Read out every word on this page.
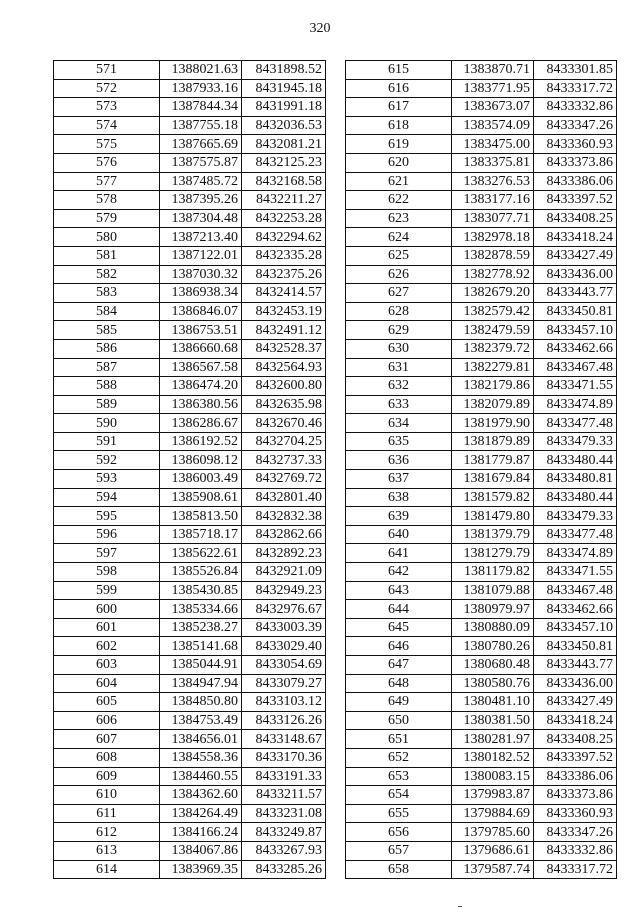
320
571	1388021.63	8431898.52
572	1387933.16	8431945.18
573	1387844.34	8431991.18
574	1387755.18	8432036.53
575	1387665.69	8432081.21
576	1387575.87	8432125.23
577	1387485.72	8432168.58
578	1387395.26	8432211.27
579	1387304.48	8432253.28
580	1387213.40	8432294.62
581	1387122.01	8432335.28
582	1387030.32	8432375.26
583	1386938.34	8432414.57
584	1386846.07	8432453.19
585	1386753.51	8432491.12
586	1386660.68	8432528.37
587	1386567.58	8432564.93
588	1386474.20	8432600.80
589	1386380.56	8432635.98
590	1386286.67	8432670.46
591	1386192.52	8432704.25
592	1386098.12	8432737.33
593	1386003.49	8432769.72
594	1385908.61	8432801.40
595	1385813.50	8432832.38
596	1385718.17	8432862.66
597	1385622.61	8432892.23
598	1385526.84	8432921.09
599	1385430.85	8432949.23
600	1385334.66	8432976.67
601	1385238.27	8433003.39
602	1385141.68	8433029.40
603	1385044.91	8433054.69
604	1384947.94	8433079.27
605	1384850.80	8433103.12
606	1384753.49	8433126.26
607	1384656.01	8433148.67
608	1384558.36	8433170.36
609	1384460.55	8433191.33
610	1384362.60	8433211.57
611	1384264.49	8433231.08
612	1384166.24	8433249.87
613	1384067.86	8433267.93
614	1383969.35	8433285.26
615	1383870.71	8433301.85
616	1383771.95	8433317.72
617	1383673.07	8433332.86
618	1383574.09	8433347.26
619	1383475.00	8433360.93
620	1383375.81	8433373.86
621	1383276.53	8433386.06
622	1383177.16	8433397.52
623	1383077.71	8433408.25
624	1382978.18	8433418.24
625	1382878.59	8433427.49
626	1382778.92	8433436.00
627	1382679.20	8433443.77
628	1382579.42	8433450.81
629	1382479.59	8433457.10
630	1382379.72	8433462.66
631	1382279.81	8433467.48
632	1382179.86	8433471.55
633	1382079.89	8433474.89
634	1381979.90	8433477.48
635	1381879.89	8433479.33
636	1381779.87	8433480.44
637	1381679.84	8433480.81
638	1381579.82	8433480.44
639	1381479.80	8433479.33
640	1381379.79	8433477.48
641	1381279.79	8433474.89
642	1381179.82	8433471.55
643	1381079.88	8433467.48
644	1380979.97	8433462.66
645	1380880.09	8433457.10
646	1380780.26	8433450.81
647	1380680.48	8433443.77
648	1380580.76	8433436.00
649	1380481.10	8433427.49
650	1380381.50	8433418.24
651	1380281.97	8433408.25
652	1380182.52	8433397.52
653	1380083.15	8433386.06
654	1379983.87	8433373.86
655	1379884.69	8433360.93
656	1379785.60	8433347.26
657	1379686.61	8433332.86
658	1379587.74	8433317.72
